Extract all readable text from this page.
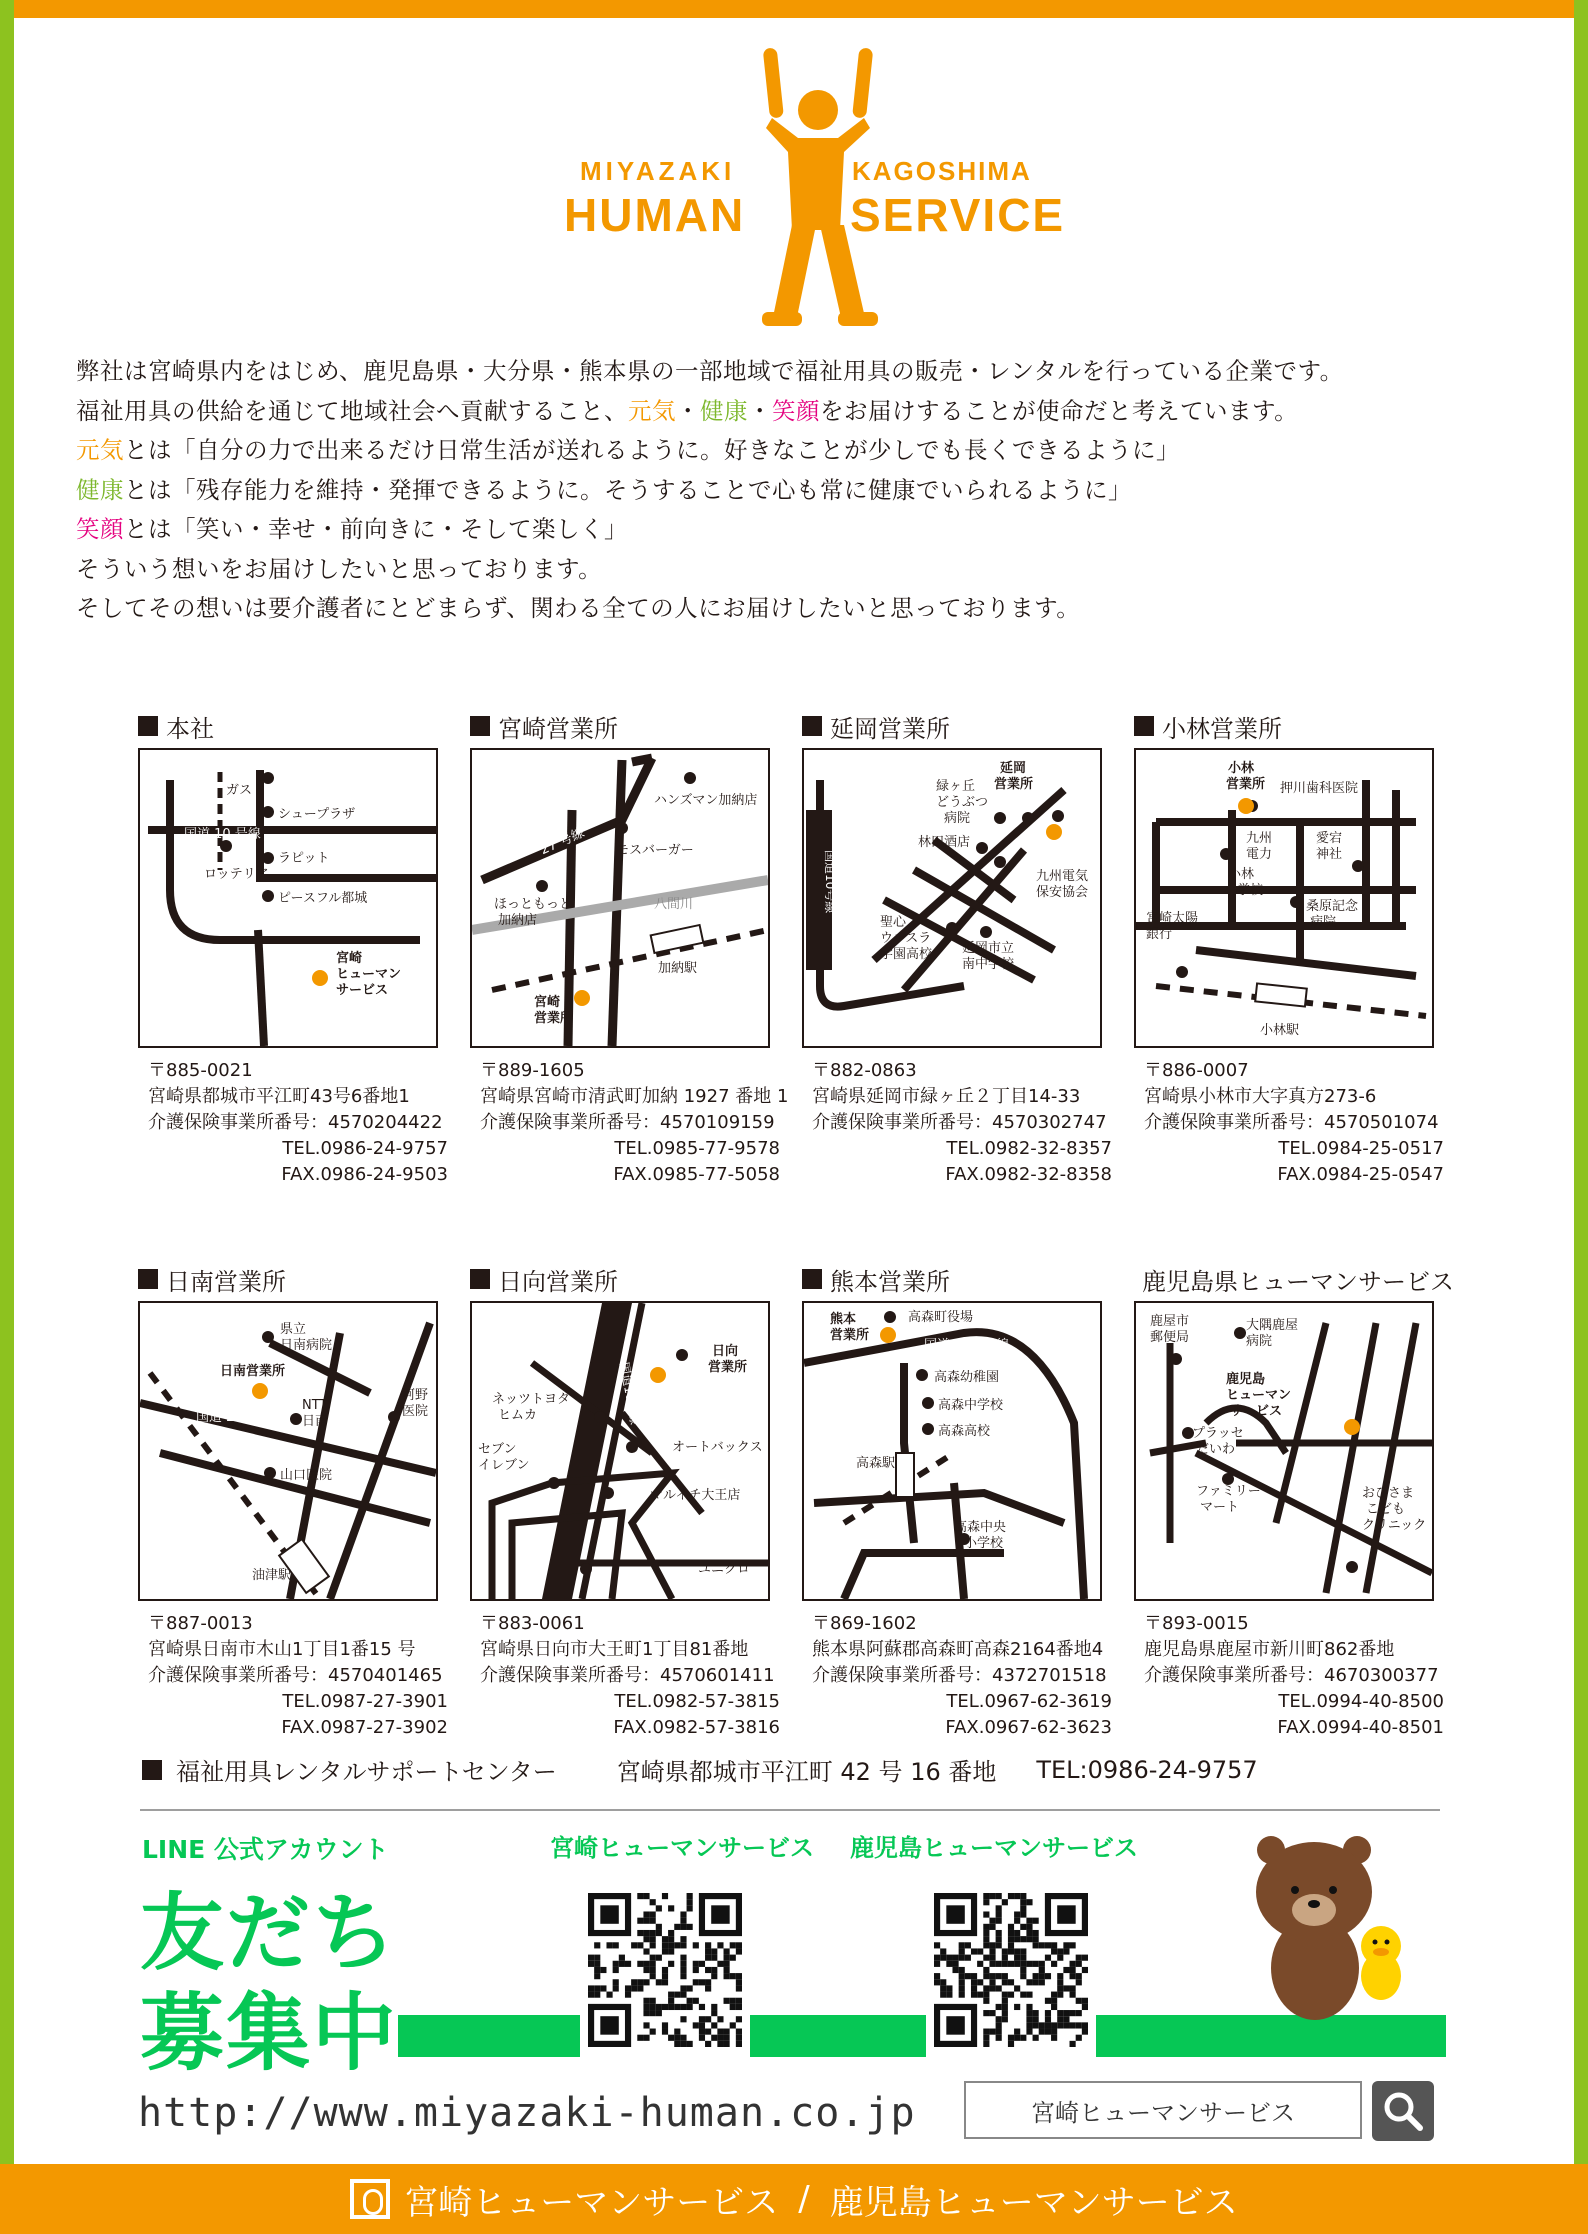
MIYAZAKI
HUMAN
KAGOSHIMA
SERVICE

弊社は宮崎県内をはじめ、鹿児島県・大分県・熊本県の一部地域で福祉用具の販売・レンタルを行っている企業です。

福祉用具の供給を通じて地域社会へ貢献すること、元気・健康・笑顔をお届けすることが使命だと考えています。

元気とは「自分の力で出来るだけ日常生活が送れるように。好きなことが少しでも長くできるように」

健康とは「残存能力を維持・発揮できるように。そうすることで心も常に健康でいられるように」

笑顔とは「笑い・幸せ・前向きに・そして楽しく」

そういう想いをお届けしたいと思っております。

そしてその想いは要介護者にとどまらず、関わる全ての人にお届けしたいと思っております。

本社
ガスト
シュープラザ
国道 10 号線
ラピット
ロッテリア
ピースフル都城
宮崎
ヒューマン
サービス
〒885-0021
宮崎県都城市平江町43号6番地1
介護保険事業所番号：4570204422
TEL.0986-24-9757
FAX.0986-24-9503
宮崎営業所
ハンズマン加納店
27 号線 モスバーガー
ほっともっと
加納店
八間川
加納駅
宮崎
営業所
〒889-1605
宮崎県宮崎市清武町加納 1927 番地 1
介護保険事業所番号：4570109159
TEL.0985-77-9578
FAX.0985-77-5058
延岡営業所
緑ヶ丘
どうぶつ
病院
延岡
営業所
林田酒店
九州電気
保安協会
聖心
ウルスラ
学園高校 延岡市立
南中学校
国道10号線
〒882-0863
宮崎県延岡市緑ヶ丘２丁目14-33
介護保険事業所番号：4570302747
TEL.0982-32-8357
FAX.0982-32-8358
小林営業所
小林
営業所 押川歯科医院
九州
電力
愛宕
神社
小林
小学校
桑原記念
病院
宮崎太陽
銀行
小林駅
〒886-0007
宮崎県小林市大字真方273-6
介護保険事業所番号：4570501074
TEL.0984-25-0517
FAX.0984-25-0547
日南営業所
県立
日南病院
日南営業所
河野
医院
NTT
日南
国道 222 号線
山口医院
油津駅
〒887-0013
宮崎県日南市木山1丁目1番15 号
介護保険事業所番号：4570401465
TEL.0987-27-3901
FAX.0987-27-3902
日向営業所
日向
営業所
ネッツトヨタ
ヒムカ
オートバックス
セブン
イレブン
マルイチ大王店
ユニクロ
国道10号線
〒883-0061
宮崎県日向市大王町1丁目81番地
介護保険事業所番号：4570601411
TEL.0982-57-3815
FAX.0982-57-3816
熊本営業所
熊本
営業所
高森町役場
国道 325 号線
高森幼稚園
高森中学校
高森高校
高森駅
高森中央
小学校
〒869-1602
熊本県阿蘇郡高森町高森2164番地4
介護保険事業所番号：4372701518
TEL.0967-62-3619
FAX.0967-62-3623
鹿児島県ヒューマンサービス
鹿屋市
郵便局
大隅鹿屋
病院
鹿児島
ヒューマン
サービス
プラッセ
だいわ
ファミリー
マート
おひさま
こども
クリニック
〒893-0015
鹿児島県鹿屋市新川町862番地
介護保険事業所番号：4670300377
TEL.0994-40-8500
FAX.0994-40-8501
福祉用具レンタルサポートセンター	宮崎県都城市平江町 42 号 16 番地 TEL:0986-24-9757
LINE 公式アカウント
友だち
募集中
宮崎ヒューマンサービス 鹿児島ヒューマンサービス
http://www.miyazaki-human.co.jp	宮崎ヒューマンサービス
宮崎ヒューマンサービス / 鹿児島ヒューマンサービス
